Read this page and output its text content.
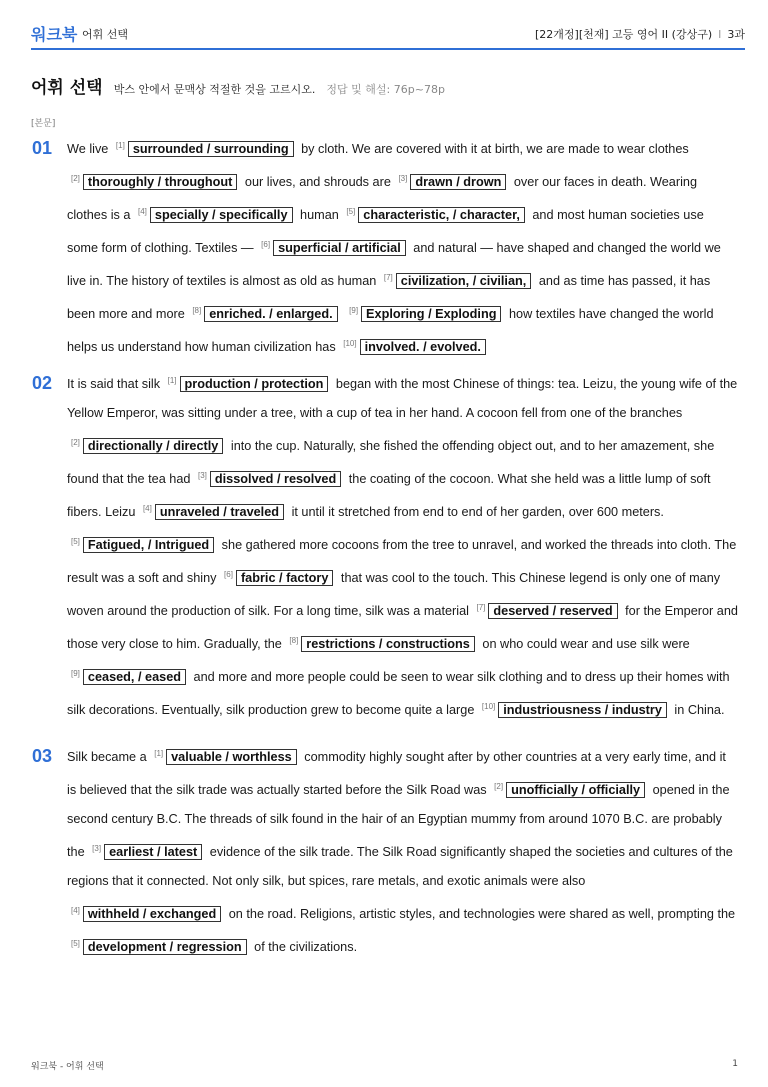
워크북 어휘 선택	[22개정][천재] 고등 영어 II (강상구) I 3과
어휘 선택 박스 안에서 문맥상 적절한 것을 고르시오. 정답 및 해설: 76p~78p
[본문]
01 We live [1] surrounded / surrounding by cloth. We are covered with it at birth, we are made to wear clothes [2] thoroughly / throughout our lives, and shrouds are [3] drawn / drown over our faces in death. Wearing clothes is a [4] specially / specifically human [5] characteristic, / character, and most human societies use some form of clothing. Textiles — [6] superficial / artificial and natural — have shaped and changed the world we live in. The history of textiles is almost as old as human [7] civilization, / civilian, and as time has passed, it has been more and more [8] enriched. / enlarged. [9] Exploring / Exploding how textiles have changed the world helps us understand how human civilization has [10] involved. / evolved.
02 It is said that silk [1] production / protection began with the most Chinese of things: tea. Leizu, the young wife of the Yellow Emperor, was sitting under a tree, with a cup of tea in her hand. A cocoon fell from one of the branches [2] directionally / directly into the cup. Naturally, she fished the offending object out, and to her amazement, she found that the tea had [3] dissolved / resolved the coating of the cocoon. What she held was a little lump of soft fibers. Leizu [4] unraveled / traveled it until it stretched from end to end of her garden, over 600 meters. [5] Fatigued, / Intrigued she gathered more cocoons from the tree to unravel, and worked the threads into cloth. The result was a soft and shiny [6] fabric / factory that was cool to the touch. This Chinese legend is only one of many woven around the production of silk. For a long time, silk was a material [7] deserved / reserved for the Emperor and those very close to him. Gradually, the [8] restrictions / constructions on who could wear and use silk were [9] ceased, / eased and more and more people could be seen to wear silk clothing and to dress up their homes with silk decorations. Eventually, silk production grew to become quite a large [10] industriousness / industry in China.
03 Silk became a [1] valuable / worthless commodity highly sought after by other countries at a very early time, and it is believed that the silk trade was actually started before the Silk Road was [2] unofficially / officially opened in the second century B.C. The threads of silk found in the hair of an Egyptian mummy from around 1070 B.C. are probably the [3] earliest / latest evidence of the silk trade. The Silk Road significantly shaped the societies and cultures of the regions that it connected. Not only silk, but spices, rare metals, and exotic animals were also [4] withheld / exchanged on the road. Religions, artistic styles, and technologies were shared as well, prompting the [5] development / regression of the civilizations.
워크북 - 어휘 선택	1
